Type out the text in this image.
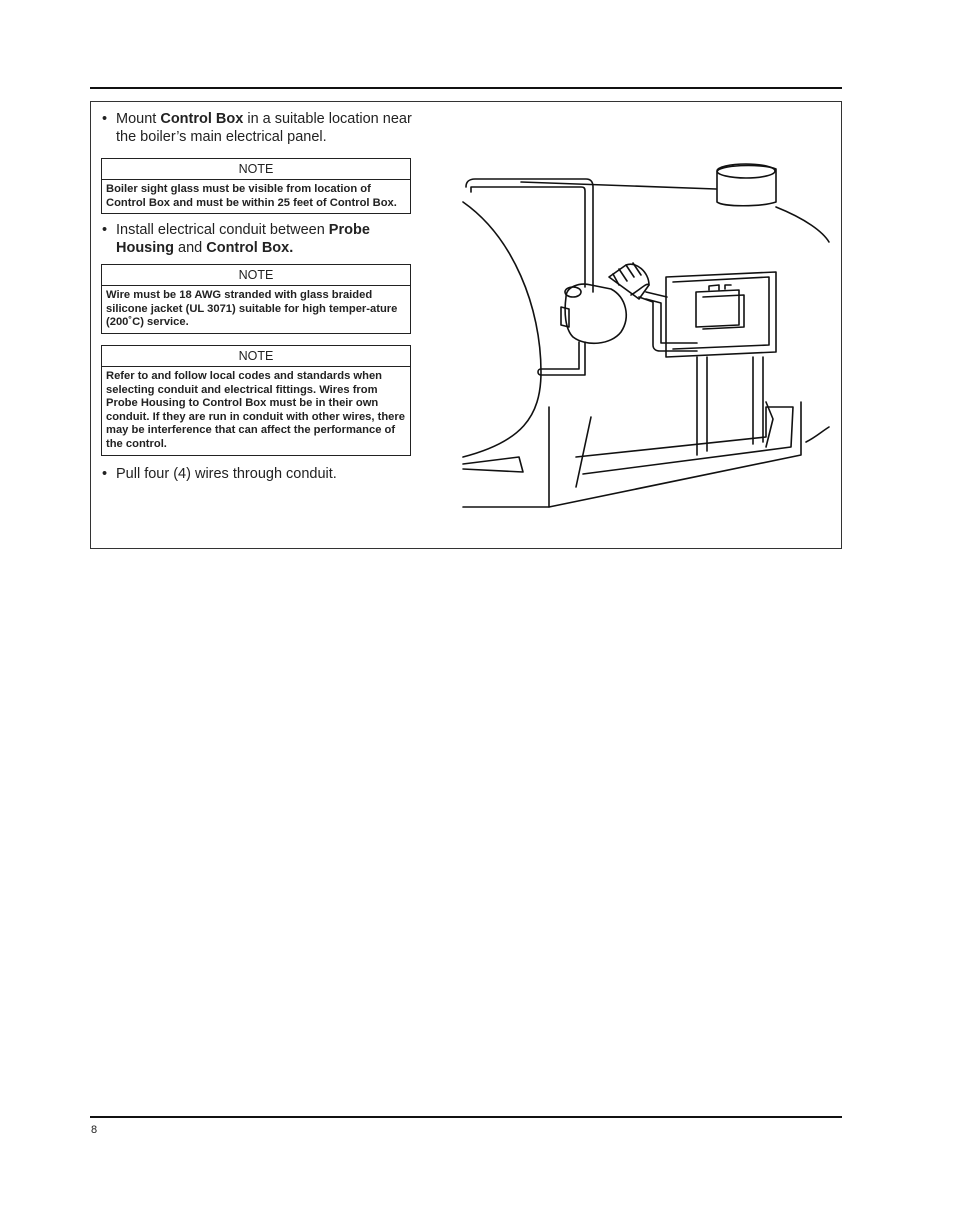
• Mount Control Box in a suitable location near
the boiler’s main electrical panel.
NOTE
Boiler sight glass must be visible from location of Control Box and must be within 25 feet of Control Box.
• Install electrical conduit between Probe Housing and Control Box.
NOTE
Wire must be 18 AWG stranded with glass braided silicone jacket (UL 3071) suitable for high temper-ature (200˚C) service.
NOTE
Refer to and follow local codes and standards when selecting conduit and electrical fittings. Wires from Probe Housing to Control Box must be in their own conduit. If they are run in conduit with other wires, there may be interference that can affect the performance of the control.
• Pull four (4) wires through conduit.
8
